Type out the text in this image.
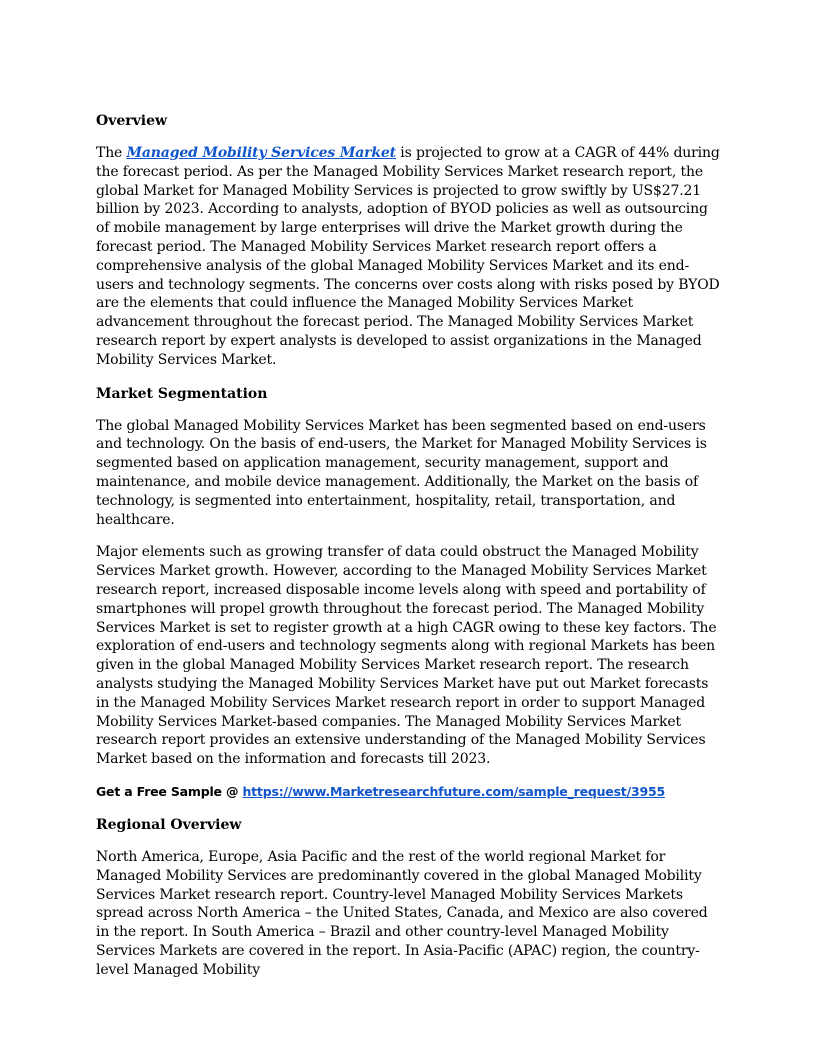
Overview

The Managed Mobility Services Market is projected to grow at a CAGR of 44% during the forecast period. As per the Managed Mobility Services Market research report, the global Market for Managed Mobility Services is projected to grow swiftly by US$27.21 billion by 2023. According to analysts, adoption of BYOD policies as well as outsourcing of mobile management by large enterprises will drive the Market growth during the forecast period. The Managed Mobility Services Market research report offers a comprehensive analysis of the global Managed Mobility Services Market and its end-users and technology segments. The concerns over costs along with risks posed by BYOD are the elements that could influence the Managed Mobility Services Market advancement throughout the forecast period. The Managed Mobility Services Market research report by expert analysts is developed to assist organizations in the Managed Mobility Services Market.

Market Segmentation

The global Managed Mobility Services Market has been segmented based on end-users and technology. On the basis of end-users, the Market for Managed Mobility Services is segmented based on application management, security management, support and maintenance, and mobile device management. Additionally, the Market on the basis of technology, is segmented into entertainment, hospitality, retail, transportation, and healthcare.

Major elements such as growing transfer of data could obstruct the Managed Mobility Services Market growth. However, according to the Managed Mobility Services Market research report, increased disposable income levels along with speed and portability of smartphones will propel growth throughout the forecast period. The Managed Mobility Services Market is set to register growth at a high CAGR owing to these key factors. The exploration of end-users and technology segments along with regional Markets has been given in the global Managed Mobility Services Market research report. The research analysts studying the Managed Mobility Services Market have put out Market forecasts in the Managed Mobility Services Market research report in order to support Managed Mobility Services Market-based companies. The Managed Mobility Services Market research report provides an extensive understanding of the Managed Mobility Services Market based on the information and forecasts till 2023.

Get a Free Sample @ https://www.Marketresearchfuture.com/sample_request/3955
Regional Overview

North America, Europe, Asia Pacific and the rest of the world regional Market for Managed Mobility Services are predominantly covered in the global Managed Mobility Services Market research report. Country-level Managed Mobility Services Markets spread across North America – the United States, Canada, and Mexico are also covered in the report. In South America – Brazil and other country-level Managed Mobility Services Markets are covered in the report. In Asia-Pacific (APAC) region, the country-level Managed Mobility
